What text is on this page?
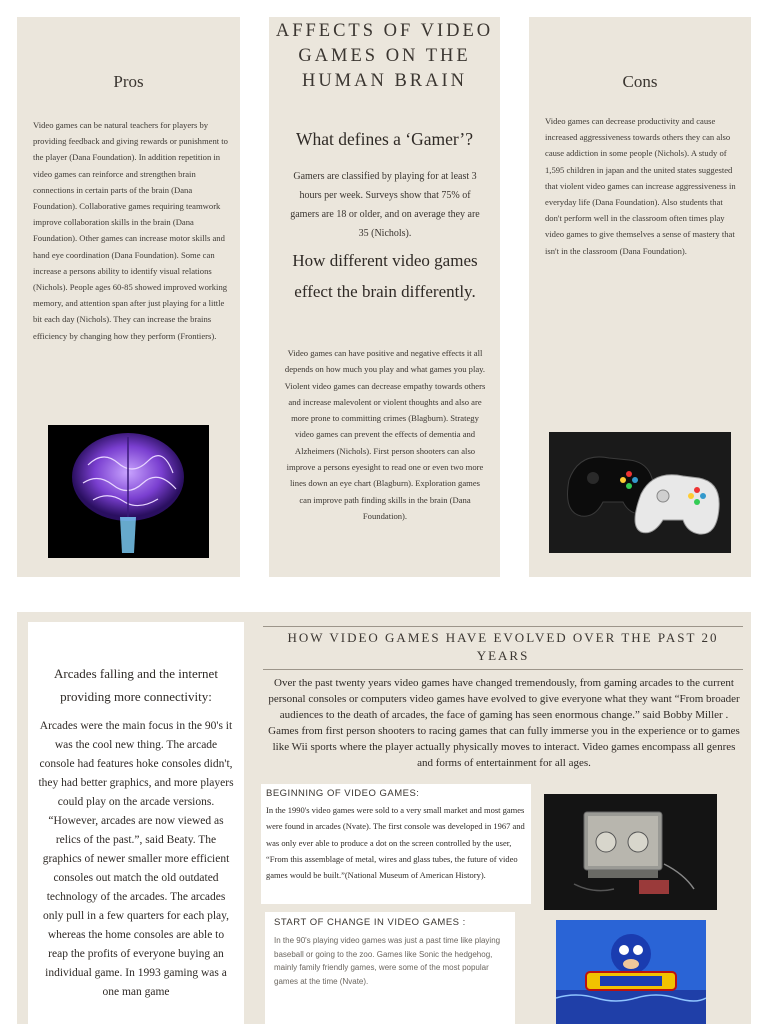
Pros
Video games can be natural teachers for players by providing feedback and giving rewards or punishment to the player (Dana Foundation). In addition repetition in video games can reinforce and strengthen brain connections in certain parts of the brain (Dana Foundation). Collaborative games requiring teamwork improve collaboration skills in the brain (Dana Foundation). Other games can increase motor skills and hand eye coordination (Dana Foundation). Some can increase a persons ability to identify visual relations (Nichols). People ages 60-85 showed improved working memory, and attention span after just playing for a little bit each day (Nichols). They can increase the brains efficiency by changing how they perform (Frontiers).
AFFECTS OF VIDEO GAMES ON THE HUMAN BRAIN
What defines a ‘Gamer’?
Gamers are classified by playing for at least 3 hours per week. Surveys show that 75% of gamers are 18 or older, and on average they are 35 (Nichols).
How different video games effect the brain differently.
Video games can have positive and negative effects it all depends on how much you play and what games you play. Violent video games can decrease empathy towards others and increase malevolent or violent thoughts and also are more prone to committing crimes (Blagburn). Strategy video games can prevent the effects of dementia and Alzheimers (Nichols). First person shooters can also improve a persons eyesight to read one or even two more lines down an eye chart (Blagburn). Exploration games can improve path finding skills in the brain (Dana Foundation).
Cons
Video games can decrease productivity and cause increased aggressiveness towards others they can also cause addiction in some people (Nichols). A study of 1,595 children in japan and the united states suggested that violent video games can increase aggressiveness in everyday life (Dana Foundation). Also students that don't perform well in the classroom often times play video games to give themselves a sense of mastery that isn't in the classroom (Dana Foundation).
Arcades falling and the internet providing more connectivity:
Arcades were the main focus in the 90's it was the cool new thing. The arcade console had features hoke consoles didn't, they had better graphics, and more players could play on the arcade versions. “However, arcades are now viewed as relics of the past.”, said Beaty. The graphics of newer smaller more efficient consoles out match the old outdated technology of the arcades. The arcades only pull in a few quarters for each play, whereas the home consoles are able to reap the profits of everyone buying an individual game. In 1993 gaming was a one man game
HOW VIDEO GAMES HAVE EVOLVED OVER THE PAST 20 YEARS
Over the past twenty years video games have changed tremendously, from gaming arcades to the current personal consoles or computers video games have evolved to give everyone what they want “From broader audiences to the death of arcades, the face of gaming has seen enormous change.” said Bobby Miller . Games from first person shooters to racing games that can fully immerse you in the experience or to games like Wii sports where the player actually physically moves to interact. Video games encompass all genres and forms of entertainment for all ages.
BEGINNING OF VIDEO GAMES:
In the 1990's video games were sold to a very small market and most games were found in arcades (Nvate). The first console was developed in 1967 and was only ever able to produce a dot on the screen controlled by the user, “From this assemblage of metal, wires and glass tubes, the future of video games would be built.”(National Museum of American History).
START OF CHANGE IN VIDEO GAMES :
In the 90's playing video games was just a past time like playing baseball or going to the zoo. Games like Sonic the hedgehog, mainly family friendly games, were some of the most popular games at the time (Nvate).
